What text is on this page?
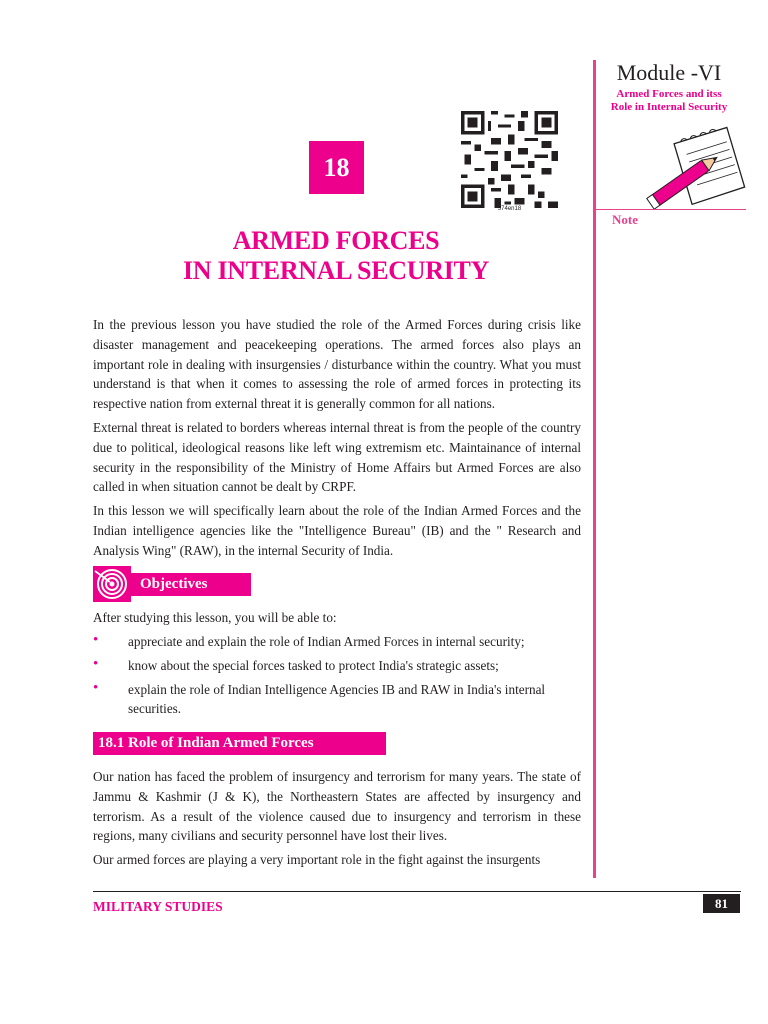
Module -VI
Armed Forces and itss
Role in Internal Security
Note
374en18
18
ARMED FORCES
IN INTERNAL SECURITY
In the previous lesson you have studied the role of the Armed Forces during crisis like disaster management and peacekeeping operations. The armed forces also plays an important role in dealing with insurgensies / disturbance within the country. What you must understand is that when it comes to assessing the role of armed forces in protecting its respective nation from external threat it is generally common for all nations.
External threat is related to borders whereas internal threat is from the people of the country due to political, ideological reasons like left wing extremism etc. Maintainance of internal security in the responsibility of the Ministry of Home Affairs but Armed Forces are also called in when situation cannot be dealt by CRPF.
In this lesson we will specifically learn about the role of the Indian Armed Forces and the Indian intelligence agencies like the "Intelligence Bureau" (IB) and the " Research and Analysis Wing" (RAW), in the internal Security of India.
Objectives
After studying this lesson, you will be able to:
• appreciate and explain the role of Indian Armed Forces in internal security;
• know about the special forces tasked to protect India's strategic assets;
• explain the role of Indian Intelligence Agencies IB and RAW in India's internal securities.
18.1 Role of Indian Armed Forces
Our nation has faced the problem of insurgency and terrorism for many years. The state of Jammu & Kashmir (J & K), the Northeastern States are affected by insurgency and terrorism. As a result of the violence caused due to insurgency and terrorism in these regions, many civilians and security personnel have lost their lives.
Our armed forces are playing a very important role in the fight against the insurgents
MILITARY STUDIES	81
